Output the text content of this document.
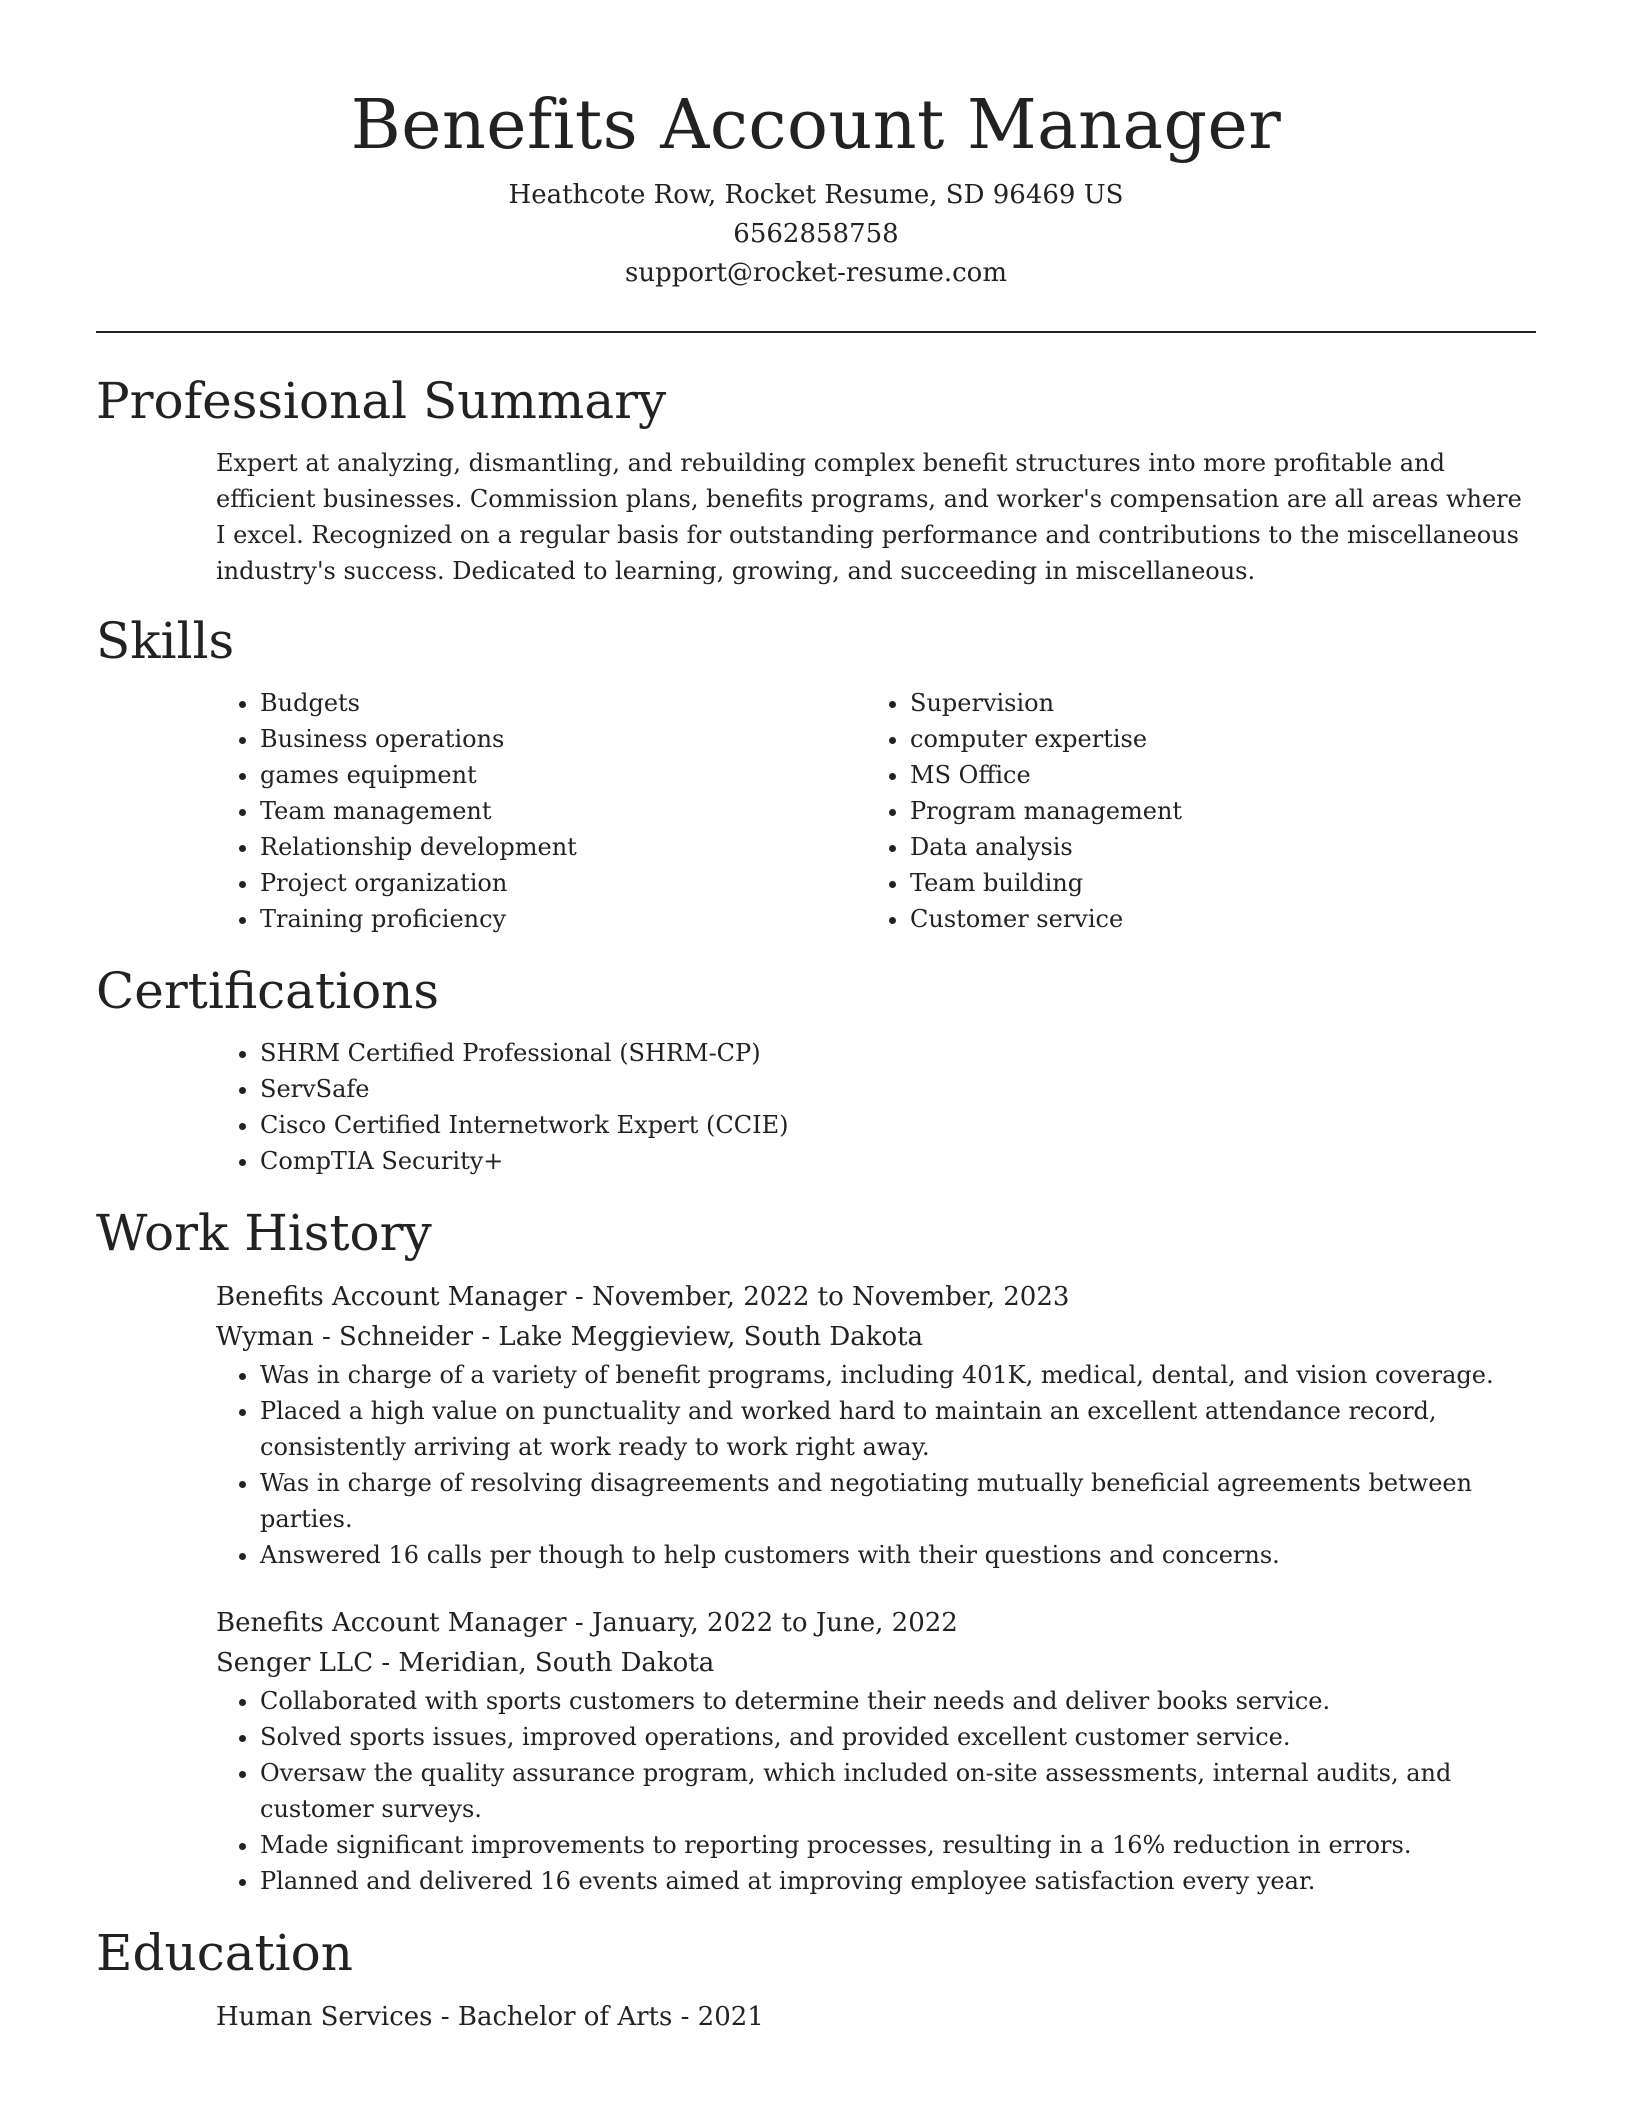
Benefits Account Manager

Heathcote Row, Rocket Resume, SD 96469 US

6562858758

support@rocket-resume.com

Professional Summary

Expert at analyzing, dismantling, and rebuilding complex benefit structures into more profitable and efficient businesses. Commission plans, benefits programs, and worker's compensation are all areas where I excel. Recognized on a regular basis for outstanding performance and contributions to the miscellaneous industry's success. Dedicated to learning, growing, and succeeding in miscellaneous.

Skills
• Budgets
• Business operations
• games equipment
• Team management
• Relationship development
• Project organization
• Training proficiency
• Supervision
• computer expertise
• MS Office
• Program management
• Data analysis
• Team building
• Customer service
Certifications
• SHRM Certified Professional (SHRM-CP)
• ServSafe
• Cisco Certified Internetwork Expert (CCIE)
• CompTIA Security+
Work History

Benefits Account Manager - November, 2022 to November, 2023

Wyman - Schneider - Lake Meggieview, South Dakota

• Was in charge of a variety of benefit programs, including 401K, medical, dental, and vision coverage.
• Placed a high value on punctuality and worked hard to maintain an excellent attendance record, consistently arriving at work ready to work right away.
• Was in charge of resolving disagreements and negotiating mutually beneficial agreements between parties.
• Answered 16 calls per though to help customers with their questions and concerns.

Benefits Account Manager - January, 2022 to June, 2022

Senger LLC - Meridian, South Dakota

• Collaborated with sports customers to determine their needs and deliver books service.
• Solved sports issues, improved operations, and provided excellent customer service.
• Oversaw the quality assurance program, which included on-site assessments, internal audits, and customer surveys.
• Made significant improvements to reporting processes, resulting in a 16% reduction in errors.
• Planned and delivered 16 events aimed at improving employee satisfaction every year.
Education

Human Services - Bachelor of Arts - 2021
